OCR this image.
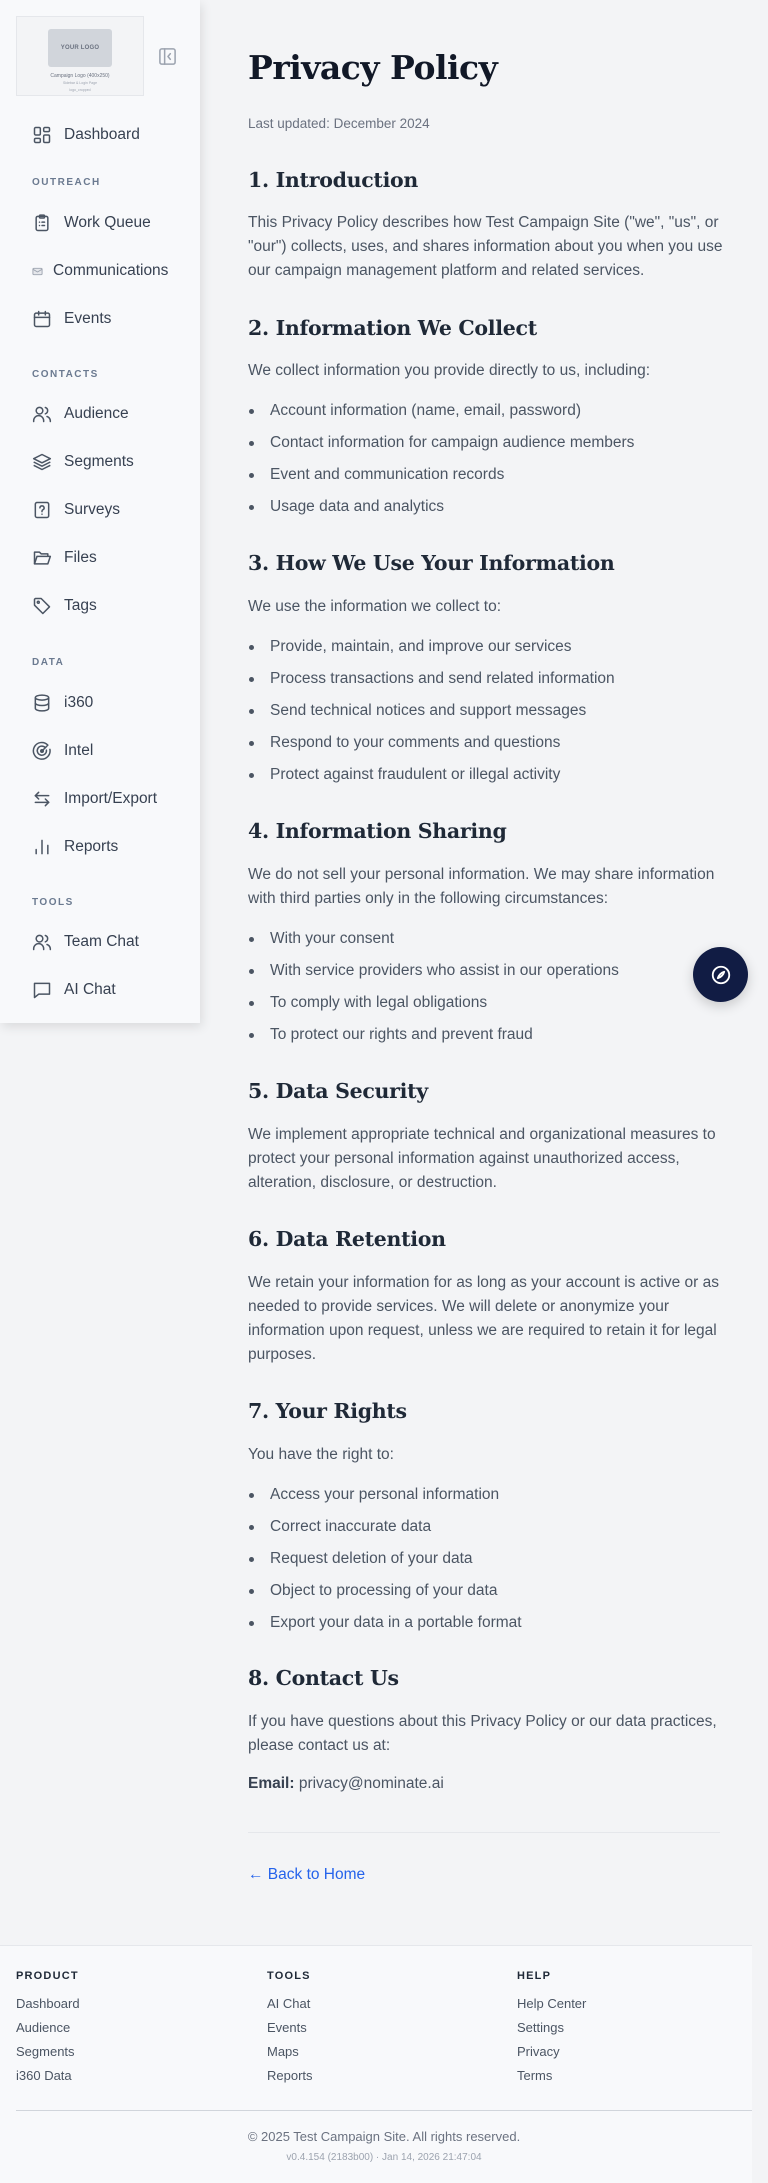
YOUR LOGO
Campaign Logo (400x250)
Sidebar & Login Page
logo_cropped
Dashboard
OUTREACH
Work Queue
Communications
Events
CONTACTS
Audience
Segments
Surveys
Files
Tags
DATA
i360
Intel
Import/Export
Reports
TOOLS
Team Chat
AI Chat
Privacy Policy
Last updated: December 2024
1. Introduction

This Privacy Policy describes how Test Campaign Site ("we", "us", or "our") collects, uses, and shares information about you when you use our campaign management platform and related services.

2. Information We Collect

We collect information you provide directly to us, including:

Account information (name, email, password)
Contact information for campaign audience members
Event and communication records
Usage data and analytics
3. How We Use Your Information

We use the information we collect to:

Provide, maintain, and improve our services
Process transactions and send related information
Send technical notices and support messages
Respond to your comments and questions
Protect against fraudulent or illegal activity
4. Information Sharing

We do not sell your personal information. We may share information with third parties only in the following circumstances:

With your consent
With service providers who assist in our operations
To comply with legal obligations
To protect our rights and prevent fraud
5. Data Security

We implement appropriate technical and organizational measures to protect your personal information against unauthorized access, alteration, disclosure, or destruction.

6. Data Retention

We retain your information for as long as your account is active or as needed to provide services. We will delete or anonymize your information upon request, unless we are required to retain it for legal purposes.

7. Your Rights

You have the right to:

Access your personal information
Correct inaccurate data
Request deletion of your data
Object to processing of your data
Export your data in a portable format
8. Contact Us

If you have questions about this Privacy Policy or our data practices, please contact us at:

Email: privacy@nominate.ai
← Back to Home
PRODUCT
Dashboard
Audience
Segments
i360 Data
TOOLS
AI Chat
Events
Maps
Reports
HELP
Help Center
Settings
Privacy
Terms
© 2025 Test Campaign Site. All rights reserved.
v0.4.154 (2183b00) · Jan 14, 2026 21:47:04
